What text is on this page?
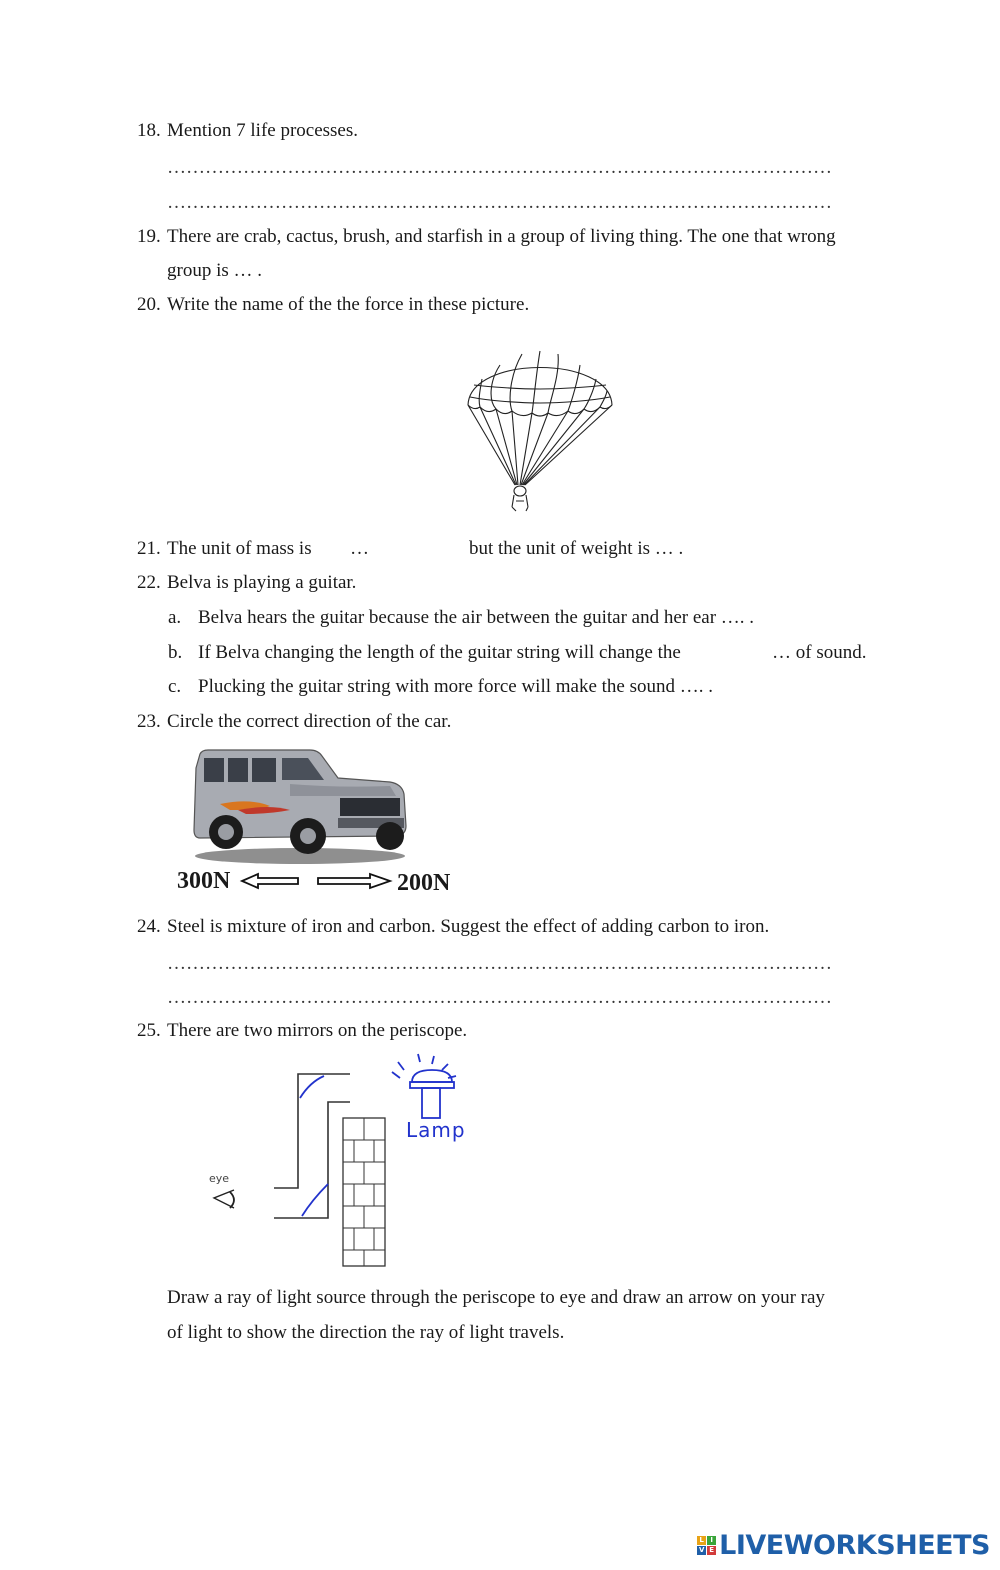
18. Mention 7 life processes.
……………………………………………………………………………………………
……………………………………………………………………………………………
19. There are crab, cactus, brush, and starfish in a group of living thing. The one that wrong
group is … .
20. Write the name of the the force in these picture.
21. The unit of mass is …	but the unit of weight is … .
22. Belva is playing a guitar.
a. Belva hears the guitar because the air between the guitar and her ear …. .
b. If Belva changing the length of the guitar string will change the	… of sound.
c. Plucking the guitar string with more force will make the sound …. .
23. Circle the correct direction of the car.
300N	200N
24. Steel is mixture of iron and carbon. Suggest the effect of adding carbon to iron.
……………………………………………………………………………………………
……………………………………………………………………………………………
25. There are two mirrors on the periscope.
eye
Lamp
Draw a ray of light source through the periscope to eye and draw an arrow on your ray
of light to show the direction the ray of light travels.
L I
V E LIVEWORKSHEETS
